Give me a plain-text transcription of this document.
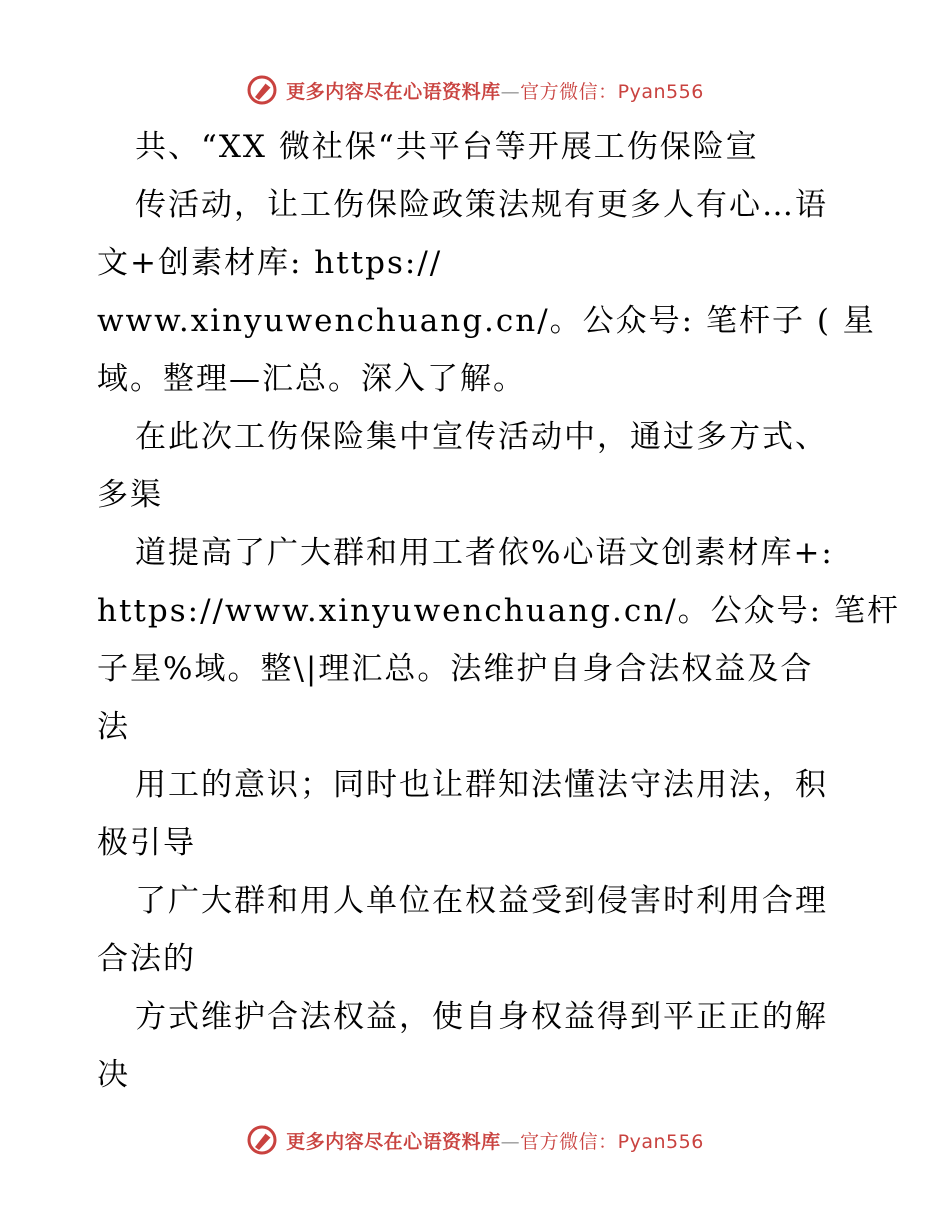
更多内容尽在心语资料库—官方微信：Pyan556
共、“XX 微社保“共平台等开展工伤保险宣
传活动，让工伤保险政策法规有更多人有心…语
文+创素材库: https://
www.xinyuwenchuang.cn/。公众号: 笔杆子 ( 星
域。整理—汇总。深入了解。
在此次工伤保险集中宣传活动中，通过多方式、
多渠
道提高了广大群和用工者依%心语文创素材库+:
https://www.xinyuwenchuang.cn/。公众号: 笔杆
子星%域。整\|理汇总。法维护自身合法权益及合
法
用工的意识；同时也让群知法懂法守法用法，积
极引导
了广大群和用人单位在权益受到侵害时利用合理
合法的
方式维护合法权益，使自身权益得到平正正的解
决
更多内容尽在心语资料库—官方微信：Pyan556
